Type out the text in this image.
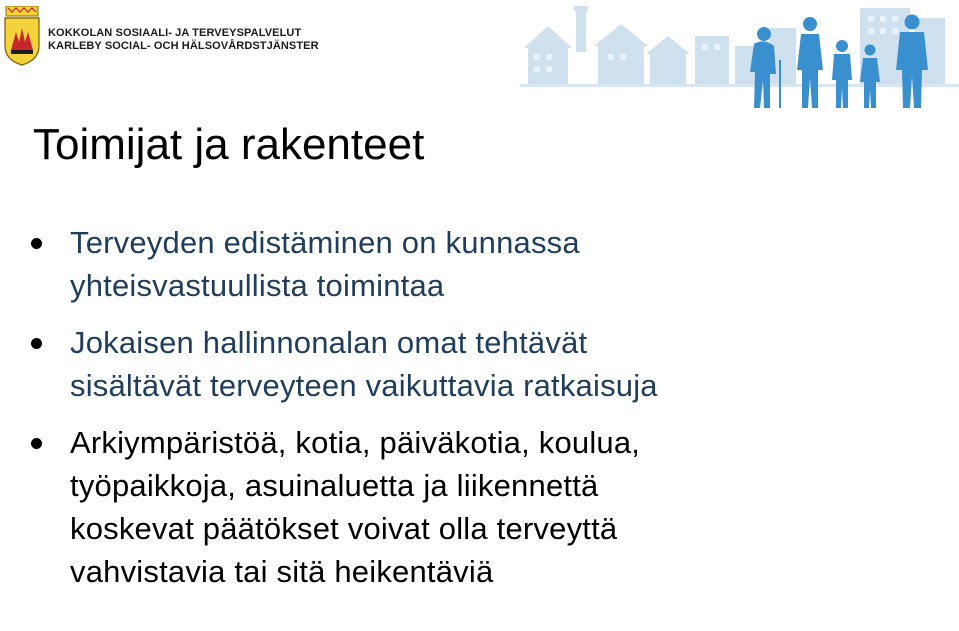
KOKKOLAN SOSIAALI- JA TERVEYSPALVELUT
KARLEBY SOCIAL- OCH HÄLSOVÅRDSTJÄNSTER
Toimijat ja rakenteet
Terveyden edistäminen on kunnassa
yhteisvastuullista toimintaa
Jokaisen hallinnonalan omat tehtävät
sisältävät terveyteen vaikuttavia ratkaisuja
Arkiympäristöä, kotia, päiväkotia, koulua,
työpaikkoja, asuinaluetta ja liikennettä
koskevat päätökset voivat olla terveyttä
vahvistavia tai sitä heikentäviä
